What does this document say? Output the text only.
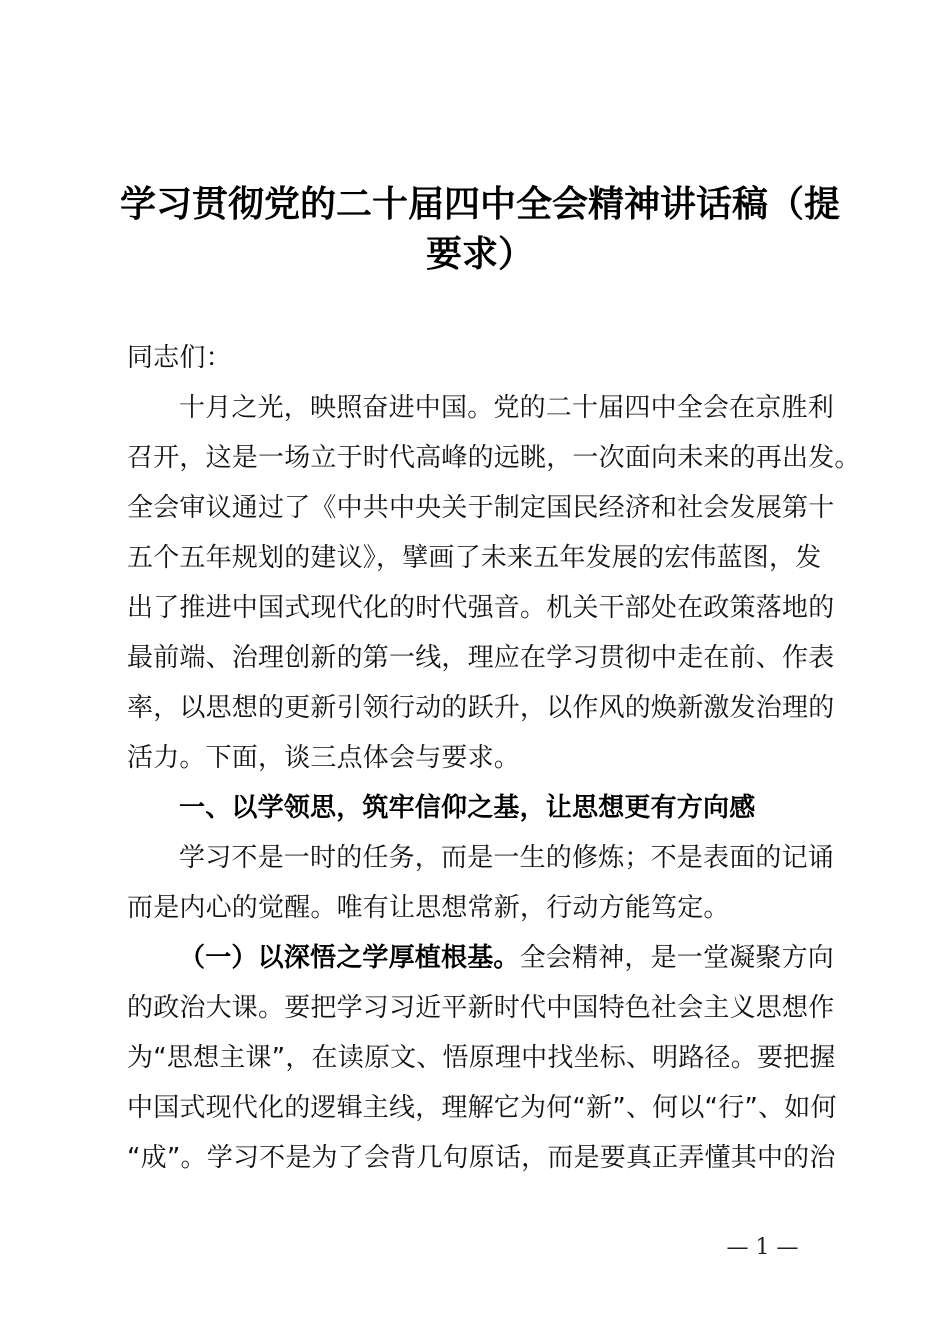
学习贯彻党的二十届四中全会精神讲话稿（提
要求）
同志们：
十月之光，映照奋进中国。党的二十届四中全会在京胜利
召开，这是一场立于时代高峰的远眺，一次面向未来的再出发。
全会审议通过了《中共中央关于制定国民经济和社会发展第十
五个五年规划的建议》，擘画了未来五年发展的宏伟蓝图，发
出了推进中国式现代化的时代强音。机关干部处在政策落地的
最前端、治理创新的第一线，理应在学习贯彻中走在前、作表
率，以思想的更新引领行动的跃升，以作风的焕新激发治理的
活力。下面，谈三点体会与要求。
一、以学领思，筑牢信仰之基，让思想更有方向感
学习不是一时的任务，而是一生的修炼；不是表面的记诵
而是内心的觉醒。唯有让思想常新，行动方能笃定。
（一）以深悟之学厚植根基。全会精神，是一堂凝聚方向
的政治大课。要把学习习近平新时代中国特色社会主义思想作
为“思想主课”，在读原文、悟原理中找坐标、明路径。要把握
中国式现代化的逻辑主线，理解它为何“新”、何以“行”、如何
“成”。学习不是为了会背几句原话，而是要真正弄懂其中的治
— 1 —
